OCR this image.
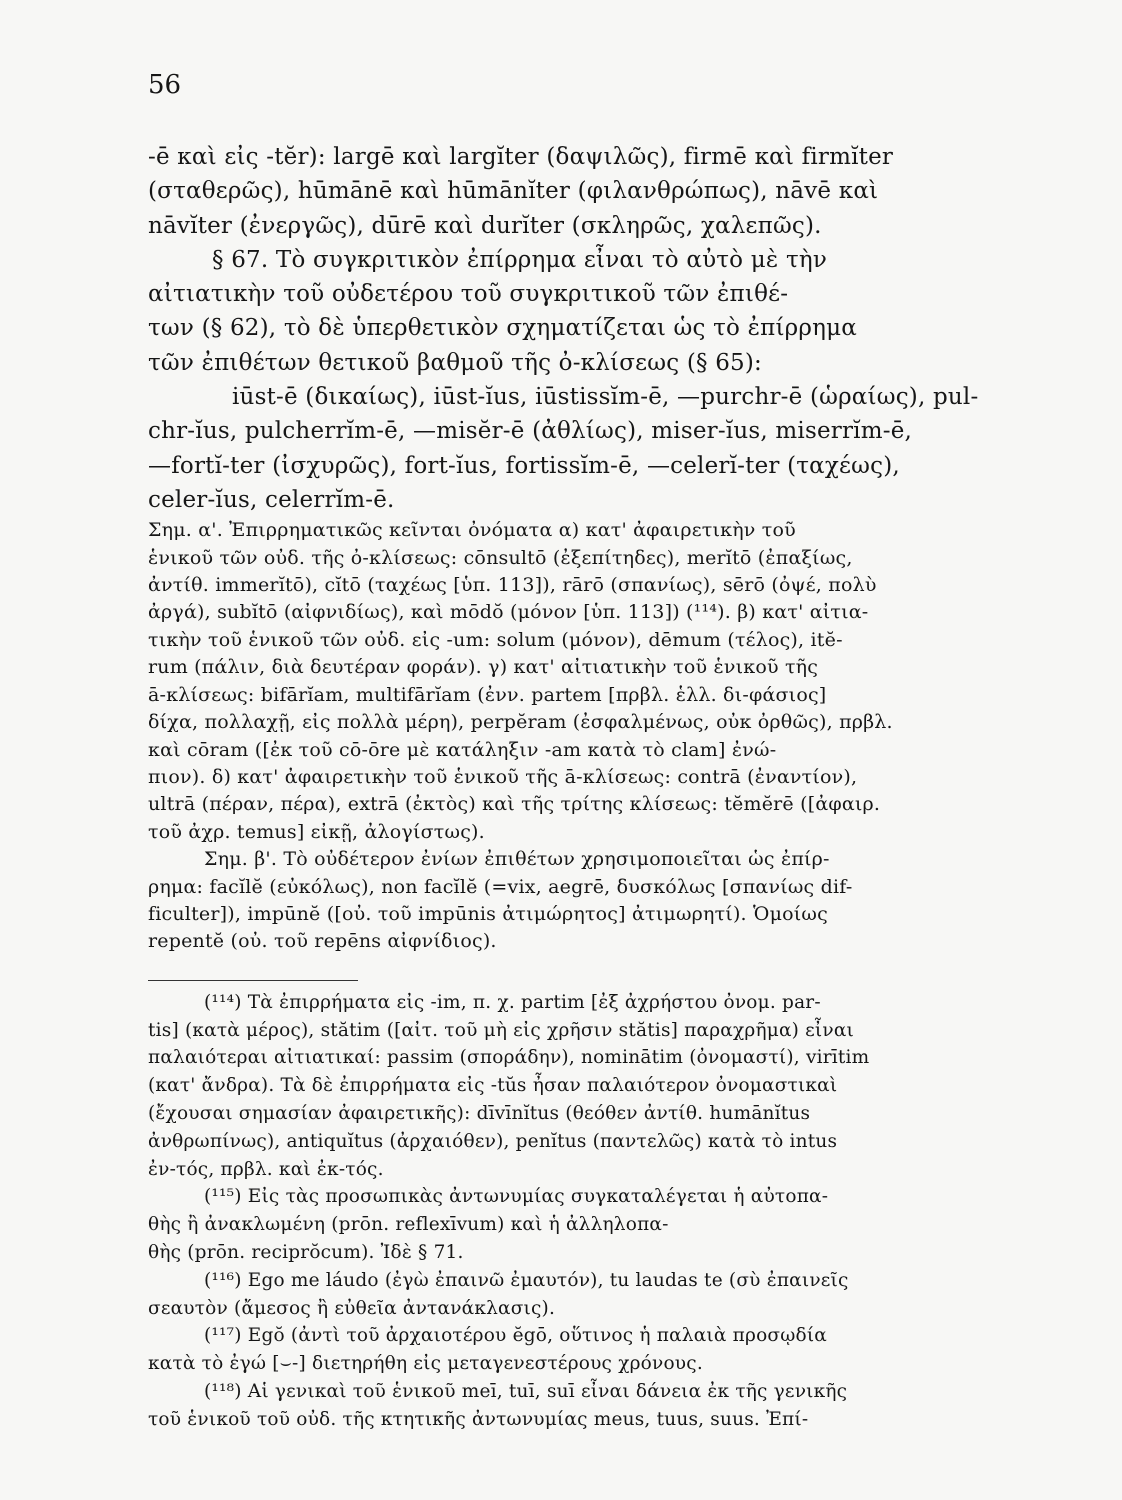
56
-ē καὶ εἰς -tĕr): largē καὶ largĭter (δαψιλῶς), firmē καὶ firmĭter
(σταθερῶς), hūmānē καὶ hūmānĭter (φιλανθρώπως), nāvē καὶ
nāvĭter (ἐνεργῶς), dūrē καὶ durĭter (σκληρῶς, χαλεπῶς).
§ 67. Τὸ συγκριτικὸν ἐπίρρημα εἶναι τὸ αὐτὸ μὲ τὴν
αἰτιατικὴν τοῦ οὐδετέρου τοῦ συγκριτικοῦ τῶν ἐπιθέ-
των (§ 62), τὸ δὲ ὑπερθετικὸν σχηματίζεται ὡς τὸ ἐπίρρημα
τῶν ἐπιθέτων θετικοῦ βαθμοῦ τῆς ὀ-κλίσεως (§ 65):
iūst-ē (δικαίως), iūst-ĭus, iūstissĭm-ē, —purchr-ē (ὡραίως), pul-
chr-ĭus, pulcherrĭm-ē, —misĕr-ē (ἀθλίως), miser-ĭus, miserrĭm-ē,
—fortĭ-ter (ἰσχυρῶς), fort-ĭus, fortissĭm-ē, —celerĭ-ter (ταχέως),
celer-ĭus, celerrĭm-ē.
Σημ. α'. Ἐπιρρηματικῶς κεῖνται ὀνόματα α) κατ' ἀφαιρετικὴν τοῦ
ἑνικοῦ τῶν οὐδ. τῆς ὀ-κλίσεως: cōnsultō (ἐξεπίτηδες), merĭtō (ἐπαξίως,
ἀντίθ. immerĭtō), cĭtō (ταχέως [ὑπ. 113]), rārō (σπανίως), sērō (ὀψέ, πολὺ
ἀργά), subĭtō (αἰφνιδίως), καὶ mōdŏ (μόνον [ὑπ. 113]) (¹¹⁴). β) κατ' αἰτια-
τικὴν τοῦ ἑνικοῦ τῶν οὐδ. εἰς -um: solum (μόνον), dēmum (τέλος), itĕ-
rum (πάλιν, διὰ δευτέραν φοράν). γ) κατ' αἰτιατικὴν τοῦ ἑνικοῦ τῆς
ā-κλίσεως: bifārĭam, multifārĭam (ἐνν. partem [πρβλ. ἑλλ. δι-φάσιος]
δίχα, πολλαχῇ, εἰς πολλὰ μέρη), perpĕram (ἐσφαλμένως, οὐκ ὀρθῶς), πρβλ.
καὶ cōram ([ἐκ τοῦ cō-ōre μὲ κατάληξιν -am κατὰ τὸ clam] ἐνώ-
πιον). δ) κατ' ἀφαιρετικὴν τοῦ ἑνικοῦ τῆς ā-κλίσεως: contrā (ἐναντίον),
ultrā (πέραν, πέρα), extrā (ἐκτὸς) καὶ τῆς τρίτης κλίσεως: tĕmĕrē ([ἀφαιρ.
τοῦ ἀχρ. temus] εἰκῇ, ἀλογίστως).
Σημ. β'. Τὸ οὐδέτερον ἐνίων ἐπιθέτων χρησιμοποιεῖται ὡς ἐπίρ-
ρημα: facĭlĕ (εὐκόλως), non facĭlĕ (=vix, aegrē, δυσκόλως [σπανίως dif-
ficulter]), impūnĕ ([οὐ. τοῦ impūnis ἀτιμώρητος] ἀτιμωρητί). Ὁμοίως
repentĕ (οὐ. τοῦ repēns αἰφνίδιος).
(¹¹⁴) Τὰ ἐπιρρήματα εἰς -im, π. χ. partim [ἐξ ἀχρήστου ὀνομ. par-
tis] (κατὰ μέρος), stătim ([αἰτ. τοῦ μὴ εἰς χρῆσιν stătis] παραχρῆμα) εἶναι
παλαιότεραι αἰτιατικαί: passim (σποράδην), nominātim (ὀνομαστί), virītim
(κατ' ἄνδρα). Τὰ δὲ ἐπιρρήματα εἰς -tŭs ἦσαν παλαιότερον ὀνομαστικαὶ
(ἔχουσαι σημασίαν ἀφαιρετικῆς): dīvīnĭtus (θεόθεν ἀντίθ. humānĭtus
ἀνθρωπίνως), antiquĭtus (ἀρχαιόθεν), penĭtus (παντελῶς) κατὰ τὸ intus
ἐν-τός, πρβλ. καὶ ἐκ-τός.
(¹¹⁵) Εἰς τὰς προσωπικὰς ἀντωνυμίας συγκαταλέγεται ἡ αὐτοπα-
θὴς ἢ ἀνακλωμένη (prōn. reflexīvum) καὶ ἡ ἀλληλοπα-
θὴς (prōn. reciprŏcum). Ἰδὲ § 71.
(¹¹⁶) Ego me láudo (ἐγὼ ἐπαινῶ ἐμαυτόν), tu laudas te (σὺ ἐπαινεῖς
σεαυτὸν (ἄμεσος ἢ εὐθεῖα ἀντανάκλασις).
(¹¹⁷) Egŏ (ἀντὶ τοῦ ἀρχαιοτέρου ĕgō, οὕτινος ἡ παλαιὰ προσῳδία
κατὰ τὸ ἐγώ [⌣-] διετηρήθη εἰς μεταγενεστέρους χρόνους.
(¹¹⁸) Αἱ γενικαὶ τοῦ ἑνικοῦ meī, tuī, suī εἶναι δάνεια ἐκ τῆς γενικῆς
τοῦ ἑνικοῦ τοῦ οὐδ. τῆς κτητικῆς ἀντωνυμίας meus, tuus, suus. Ἐπί-
